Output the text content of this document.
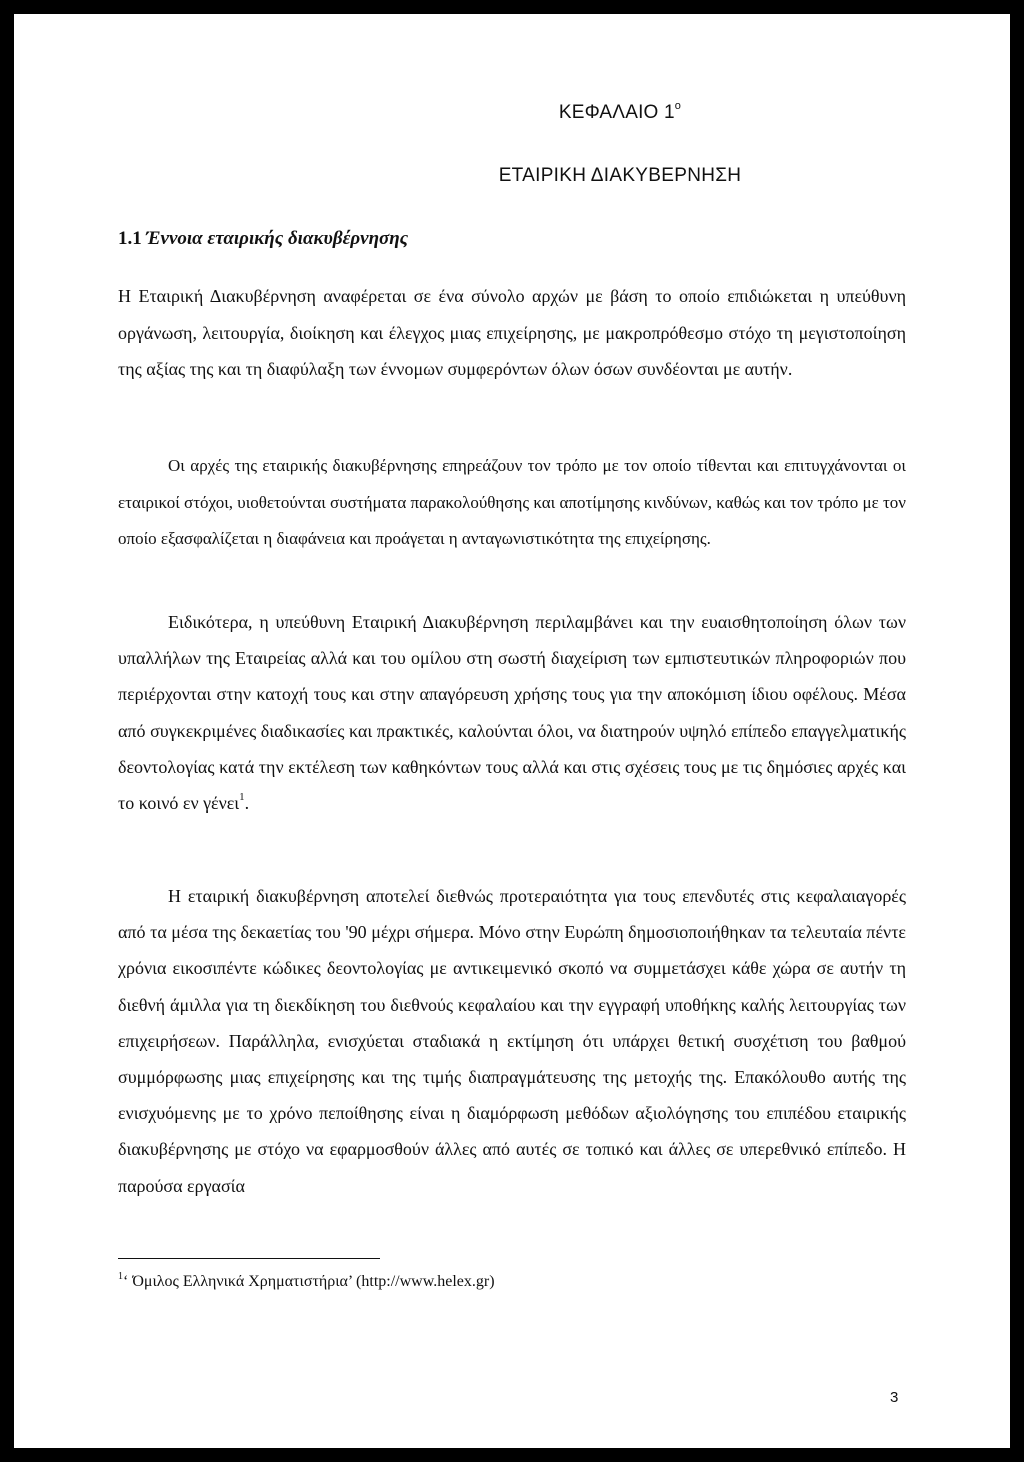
ΚΕΦΑΛΑΙΟ $1^o$
ΕΤΑΙΡΙΚΗ ΔΙΑΚΥΒΕΡΝΗΣΗ
1.1 Έννοια εταιρικής διακυβέρνησης

Η Εταιρική Διακυβέρνηση αναφέρεται σε ένα σύνολο αρχών με βάση το οποίο επιδιώκεται η υπεύθυνη οργάνωση, λειτουργία, διοίκηση και έλεγχος μιας επιχείρησης, με μακροπρόθεσμο στόχο τη μεγιστοποίηση της αξίας της και τη διαφύλαξη των έννομων συμφερόντων όλων όσων συνδέονται με αυτήν.

Οι αρχές της εταιρικής διακυβέρνησης επηρεάζουν τον τρόπο με τον οποίο τίθενται και επιτυγχάνονται οι εταιρικοί στόχοι, υιοθετούνται συστήματα παρακολούθησης και αποτίμησης κινδύνων, καθώς και τον τρόπο με τον οποίο εξασφαλίζεται η διαφάνεια και προάγεται η ανταγωνιστικότητα της επιχείρησης.

Ειδικότερα, η υπεύθυνη Εταιρική Διακυβέρνηση περιλαμβάνει και την ευαισθητοποίηση όλων των υπαλλήλων της Εταιρείας αλλά και του ομίλου στη σωστή διαχείριση των εμπιστευτικών πληροφοριών που περιέρχονται στην κατοχή τους και στην απαγόρευση χρήσης τους για την αποκόμιση ίδιου οφέλους. Μέσα από συγκεκριμένες διαδικασίες και πρακτικές, καλούνται όλοι, να διατηρούν υψηλό επίπεδο επαγγελματικής δεοντολογίας κατά την εκτέλεση των καθηκόντων τους αλλά και στις σχέσεις τους με τις δημόσιες αρχές και το κοινό εν γένει$^1$.

Η εταιρική διακυβέρνηση αποτελεί διεθνώς προτεραιότητα για τους επενδυτές στις κεφαλαιαγορές από τα μέσα της δεκαετίας του '90 μέχρι σήμερα. Μόνο στην Ευρώπη δημοσιοποιήθηκαν τα τελευταία πέντε χρόνια εικοσιπέντε κώδικες δεοντολογίας με αντικειμενικό σκοπό να συμμετάσχει κάθε χώρα σε αυτήν τη διεθνή άμιλλα για τη διεκδίκηση του διεθνούς κεφαλαίου και την εγγραφή υποθήκης καλής λειτουργίας των επιχειρήσεων. Παράλληλα, ενισχύεται σταδιακά η εκτίμηση ότι υπάρχει θετική συσχέτιση του βαθμού συμμόρφωσης μιας επιχείρησης και της τιμής διαπραγμάτευσης της μετοχής της. Επακόλουθο αυτής της ενισχυόμενης με το χρόνο πεποίθησης είναι η διαμόρφωση μεθόδων αξιολόγησης του επιπέδου εταιρικής διακυβέρνησης με στόχο να εφαρμοσθούν άλλες από αυτές σε τοπικό και άλλες σε υπερεθνικό επίπεδο. Η παρούσα εργασία

$^1$‘ Όμιλος Ελληνικά Χρηματιστήρια’ (http://www.helex.gr)

3
